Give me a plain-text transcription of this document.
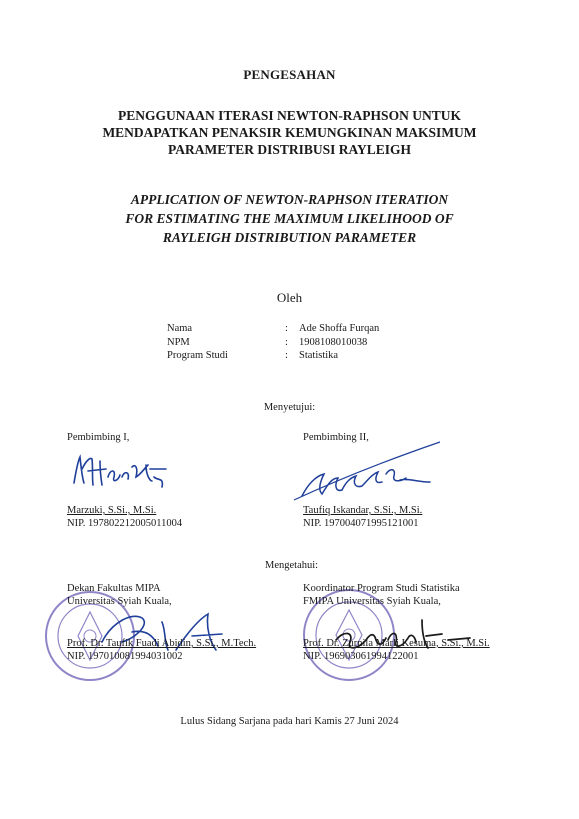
PENGESAHAN
PENGGUNAAN ITERASI NEWTON-RAPHSON UNTUK
MENDAPATKAN PENAKSIR KEMUNGKINAN MAKSIMUM
PARAMETER DISTRIBUSI RAYLEIGH
APPLICATION OF NEWTON-RAPHSON ITERATION
FOR ESTIMATING THE MAXIMUM LIKELIHOOD OF
RAYLEIGH DISTRIBUTION PARAMETER
Oleh
Nama	:	Ade Shoffa Furqan
NPM	:	1908108010038
Program Studi	:	Statistika
Menyetujui:
Pembimbing I,
Marzuki, S.Si., M.Si.
NIP. 197802212005011004
Pembimbing II,
Taufiq Iskandar, S.Si., M.Si.
NIP. 197004071995121001
Mengetahui:
Dekan Fakultas MIPA
Universitas Syiah Kuala,
Prof. Dr. Taufik Fuadi Abidin, S.Si., M.Tech.
NIP. 197010081994031002
Koordinator Program Studi Statistika
FMIPA Universitas Syiah Kuala,
Prof. Dr. Zurnila Marli Kesuma, S.Si., M.Si.
NIP. 196903061994122001
Lulus Sidang Sarjana pada hari Kamis 27 Juni 2024
